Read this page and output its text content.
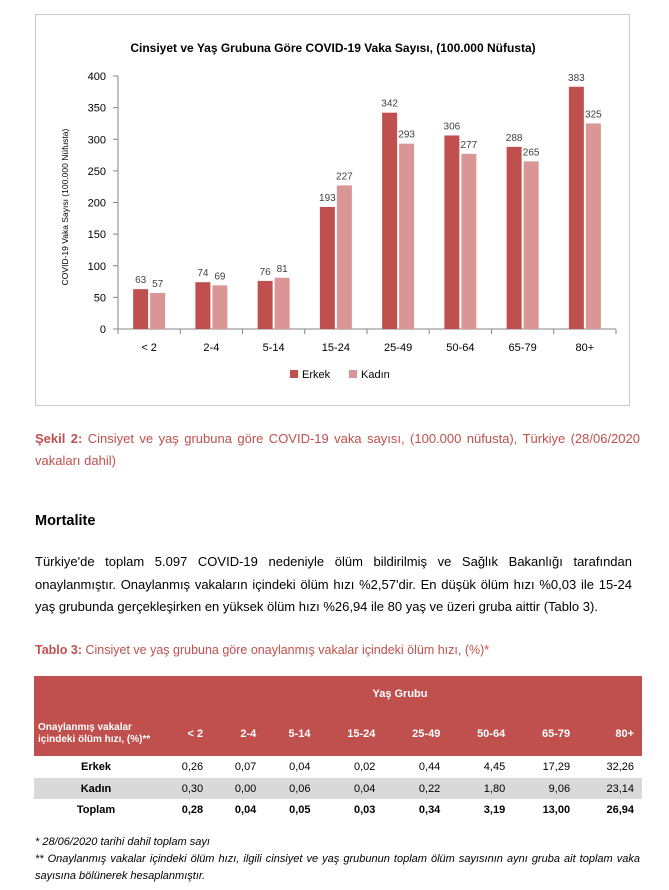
Cinsiyet ve Yaş Grubuna Göre COVID-19 Vaka Sayısı, (100.000 Nüfusta)
COVID-19 Vaka Sayısı (100.000 Nüfusta)
0
50
100
150
200
250
300
350
400
< 2
63 57
2-4
74 69
5-14
76 81
15-24
193
227
25-49
342
293
50-64
306
277
65-79
288
265
80+
383
325
Erkek	Kadın
Şekil 2: Cinsiyet ve yaş grubuna göre COVID-19 vaka sayısı, (100.000 nüfusta), Türkiye (28/06/2020 vakaları dahil)
Mortalite
Türkiye'de toplam 5.097 COVID-19 nedeniyle ölüm bildirilmiş ve Sağlık Bakanlığı tarafından onaylanmıştır. Onaylanmış vakaların içindeki ölüm hızı %2,57'dir. En düşük ölüm hızı %0,03 ile 15-24 yaş grubunda gerçekleşirken en yüksek ölüm hızı %26,94 ile 80 yaş ve üzeri gruba aittir (Tablo 3).
Tablo 3: Cinsiyet ve yaş grubuna göre onaylanmış vakalar içindeki ölüm hızı, (%)*
	Yaş Grubu							
Onaylanmış vakalar içindeki ölüm hızı, (%)**	< 2	2-4	5-14	15-24	25-49	50-64	65-79	80+
Erkek	0,26	0,07	0,04	0,02	0,44	4,45	17,29	32,26
Kadın	0,30	0,00	0,06	0,04	0,22	1,80	9,06	23,14
Toplam	0,28	0,04	0,05	0,03	0,34	3,19	13,00	26,94
* 28/06/2020 tarihi dahil toplam sayı
** Onaylanmış vakalar içindeki ölüm hızı, ilgili cinsiyet ve yaş grubunun toplam ölüm sayısının aynı gruba ait toplam vaka sayısına bölünerek hesaplanmıştır.
